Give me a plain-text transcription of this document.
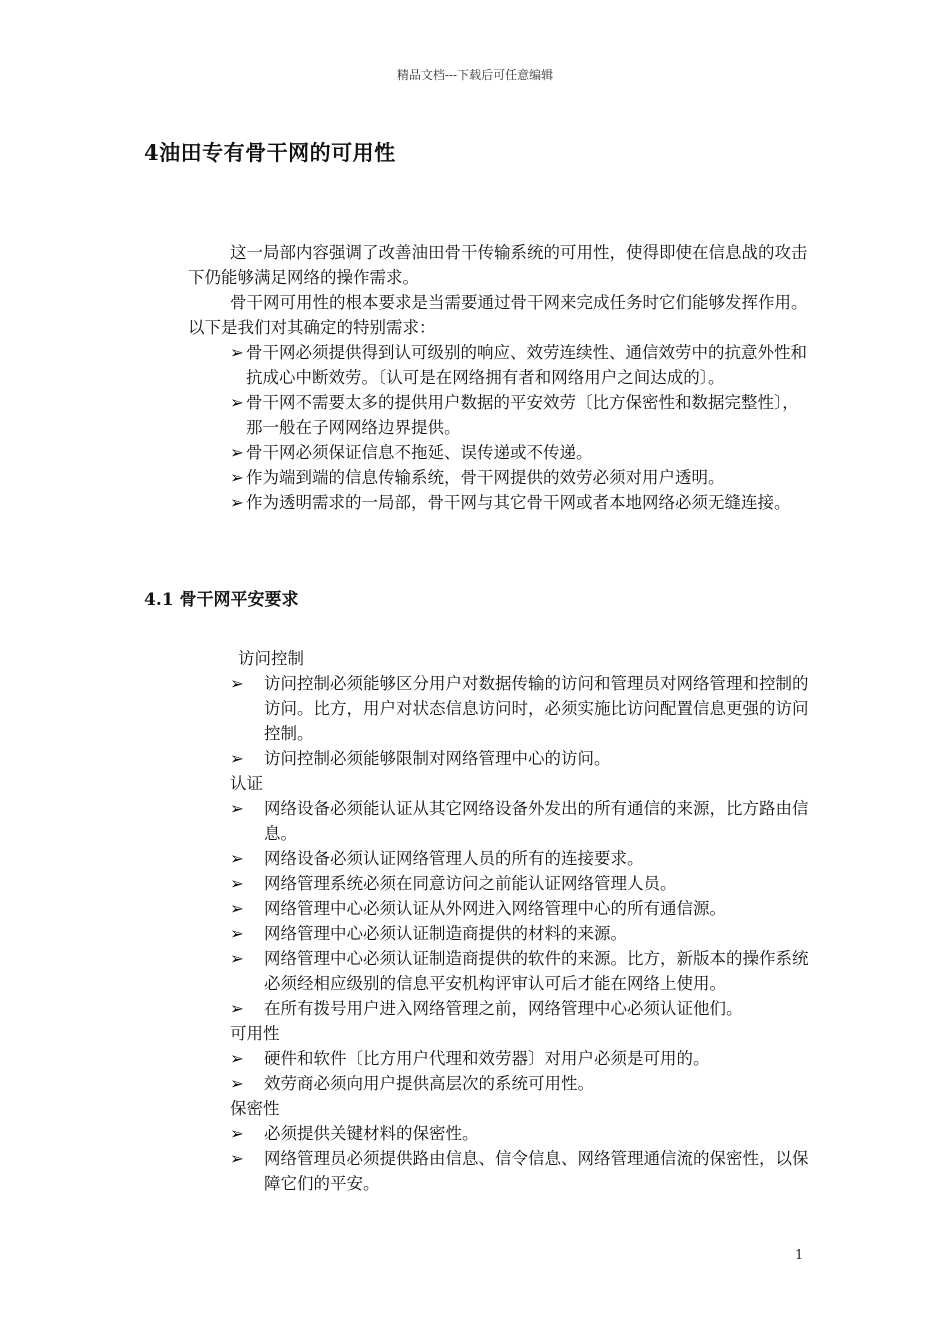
精品文档---下载后可任意编辑
4油田专有骨干网的可用性

这一局部内容强调了改善油田骨干传输系统的可用性，使得即使在信息战的攻击下仍能够满足网络的操作需求。

骨干网可用性的根本要求是当需要通过骨干网来完成任务时它们能够发挥作用。以下是我们对其确定的特别需求：

➢ 骨干网必须提供得到认可级别的响应、效劳连续性、通信效劳中的抗意外性和抗成心中断效劳。〔认可是在网络拥有者和网络用户之间达成的〕。
➢ 骨干网不需要太多的提供用户数据的平安效劳〔比方保密性和数据完整性〕，那一般在子网网络边界提供。
➢ 骨干网必须保证信息不拖延、误传递或不传递。
➢ 作为端到端的信息传输系统，骨干网提供的效劳必须对用户透明。
➢ 作为透明需求的一局部，骨干网与其它骨干网或者本地网络必须无缝连接。
4.1 骨干网平安要求

访问控制

➢ 访问控制必须能够区分用户对数据传输的访问和管理员对网络管理和控制的访问。比方，用户对状态信息访问时，必须实施比访问配置信息更强的访问控制。
➢ 访问控制必须能够限制对网络管理中心的访问。

认证

➢ 网络设备必须能认证从其它网络设备外发出的所有通信的来源，比方路由信息。
➢ 网络设备必须认证网络管理人员的所有的连接要求。
➢ 网络管理系统必须在同意访问之前能认证网络管理人员。
➢ 网络管理中心必须认证从外网进入网络管理中心的所有通信源。
➢ 网络管理中心必须认证制造商提供的材料的来源。
➢ 网络管理中心必须认证制造商提供的软件的来源。比方，新版本的操作系统必须经相应级别的信息平安机构评审认可后才能在网络上使用。
➢ 在所有拨号用户进入网络管理之前，网络管理中心必须认证他们。

可用性

➢ 硬件和软件〔比方用户代理和效劳器〕对用户必须是可用的。
➢ 效劳商必须向用户提供高层次的系统可用性。

保密性

➢ 必须提供关键材料的保密性。
➢ 网络管理员必须提供路由信息、信令信息、网络管理通信流的保密性，以保障它们的平安。
1
